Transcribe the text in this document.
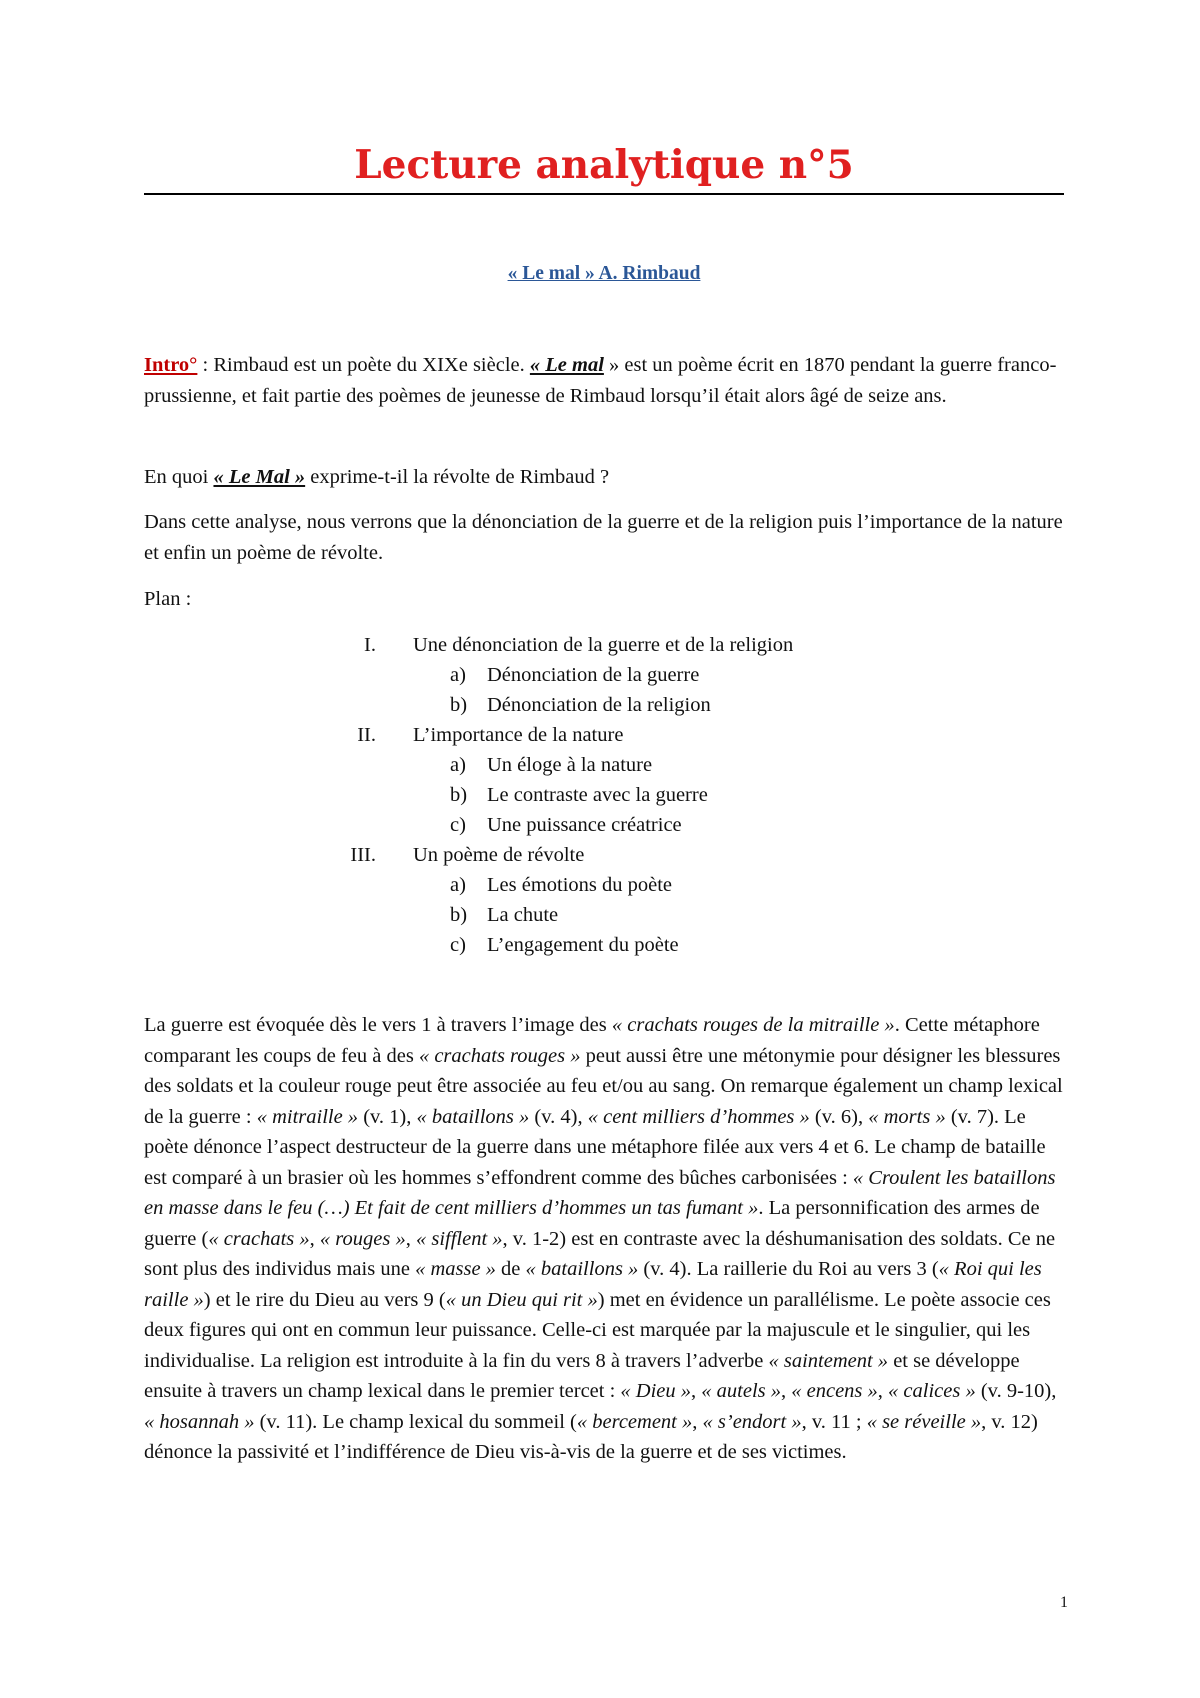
Lecture analytique n°5
« Le mal » A. Rimbaud
Intro° : Rimbaud est un poète du XIXe siècle. « Le mal » est un poème écrit en 1870 pendant la guerre franco-prussienne, et fait partie des poèmes de jeunesse de Rimbaud lorsqu’il était alors âgé de seize ans.
En quoi « Le Mal » exprime-t-il la révolte de Rimbaud ?
Dans cette analyse, nous verrons que la dénonciation de la guerre et de la religion puis l’importance de la nature et enfin un poème de révolte.
Plan :
I. Une dénonciation de la guerre et de la religion
a) Dénonciation de la guerre
b) Dénonciation de la religion
II. L’importance de la nature
a) Un éloge à la nature
b) Le contraste avec la guerre
c) Une puissance créatrice
III. Un poème de révolte
a) Les émotions du poète
b) La chute
c) L’engagement du poète
La guerre est évoquée dès le vers 1 à travers l’image des « crachats rouges de la mitraille ». Cette métaphore comparant les coups de feu à des « crachats rouges » peut aussi être une métonymie pour désigner les blessures des soldats et la couleur rouge peut être associée au feu et/ou au sang. On remarque également un champ lexical de la guerre : « mitraille » (v. 1), « bataillons » (v. 4), « cent milliers d’hommes » (v. 6), « morts » (v. 7). Le poète dénonce l’aspect destructeur de la guerre dans une métaphore filée aux vers 4 et 6. Le champ de bataille est comparé à un brasier où les hommes s’effondrent comme des bûches carbonisées : « Croulent les bataillons en masse dans le feu (…) Et fait de cent milliers d’hommes un tas fumant ». La personnification des armes de guerre (« crachats », « rouges », « sifflent », v. 1-2) est en contraste avec la déshumanisation des soldats. Ce ne sont plus des individus mais une « masse » de « bataillons » (v. 4). La raillerie du Roi au vers 3 (« Roi qui les raille ») et le rire du Dieu au vers 9 (« un Dieu qui rit ») met en évidence un parallélisme. Le poète associe ces deux figures qui ont en commun leur puissance. Celle-ci est marquée par la majuscule et le singulier, qui les individualise. La religion est introduite à la fin du vers 8 à travers l’adverbe « saintement » et se développe ensuite à travers un champ lexical dans le premier tercet : « Dieu », « autels », « encens », « calices » (v. 9-10), « hosannah » (v. 11). Le champ lexical du sommeil (« bercement », « s’endort », v. 11 ; « se réveille », v. 12) dénonce la passivité et l’indifférence de Dieu vis-à-vis de la guerre et de ses victimes.
1
